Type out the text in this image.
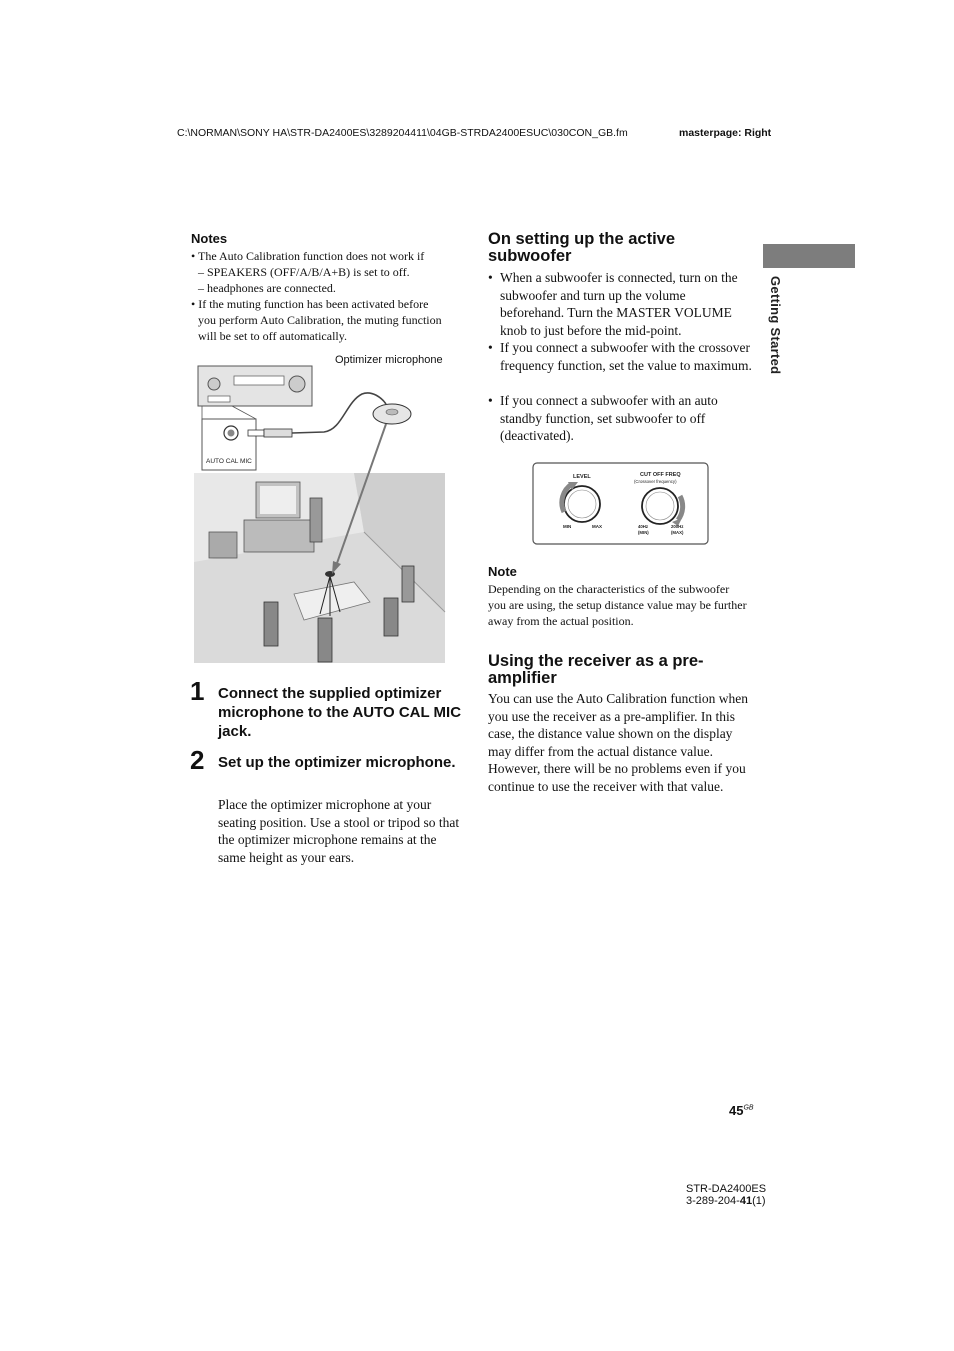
C:\NORMAN\SONY HA\STR-DA2400ES\3289204411\04GB-STRDA2400ESUC\030CON_GB.fm	masterpage: Right
Getting Started
Notes
• The Auto Calibration function does not work if
– SPEAKERS (OFF/A/B/A+B) is set to off.
– headphones are connected.
• If the muting function has been activated before
you perform Auto Calibration, the muting function
will be set to off automatically.
Optimizer microphone
AUTO CAL MIC
1 Connect the supplied optimizer microphone to the AUTO CAL MIC jack.
2 Set up the optimizer microphone.
Place the optimizer microphone at your seating position. Use a stool or tripod so that the optimizer microphone remains at the same height as your ears.
On setting up the active subwoofer
• When a subwoofer is connected, turn on the subwoofer and turn up the volume beforehand. Turn the MASTER VOLUME knob to just before the mid-point.
• If you connect a subwoofer with the crossover frequency function, set the value to maximum.
• If you connect a subwoofer with an auto standby function, set subwoofer to off (deactivated).
LEVEL
MIN	MAX
CUT OFF FREQ
(Crossover frequency)
40Hz
(MIN)
200Hz
(MAX)
Note
Depending on the characteristics of the subwoofer you are using, the setup distance value may be further away from the actual position.
Using the receiver as a pre-amplifier
You can use the Auto Calibration function when you use the receiver as a pre-amplifier. In this case, the distance value shown on the display may differ from the actual distance value. However, there will be no problems even if you continue to use the receiver with that value.
$45^{GB}$
STR-DA2400ES
3-289-204-41(1)
